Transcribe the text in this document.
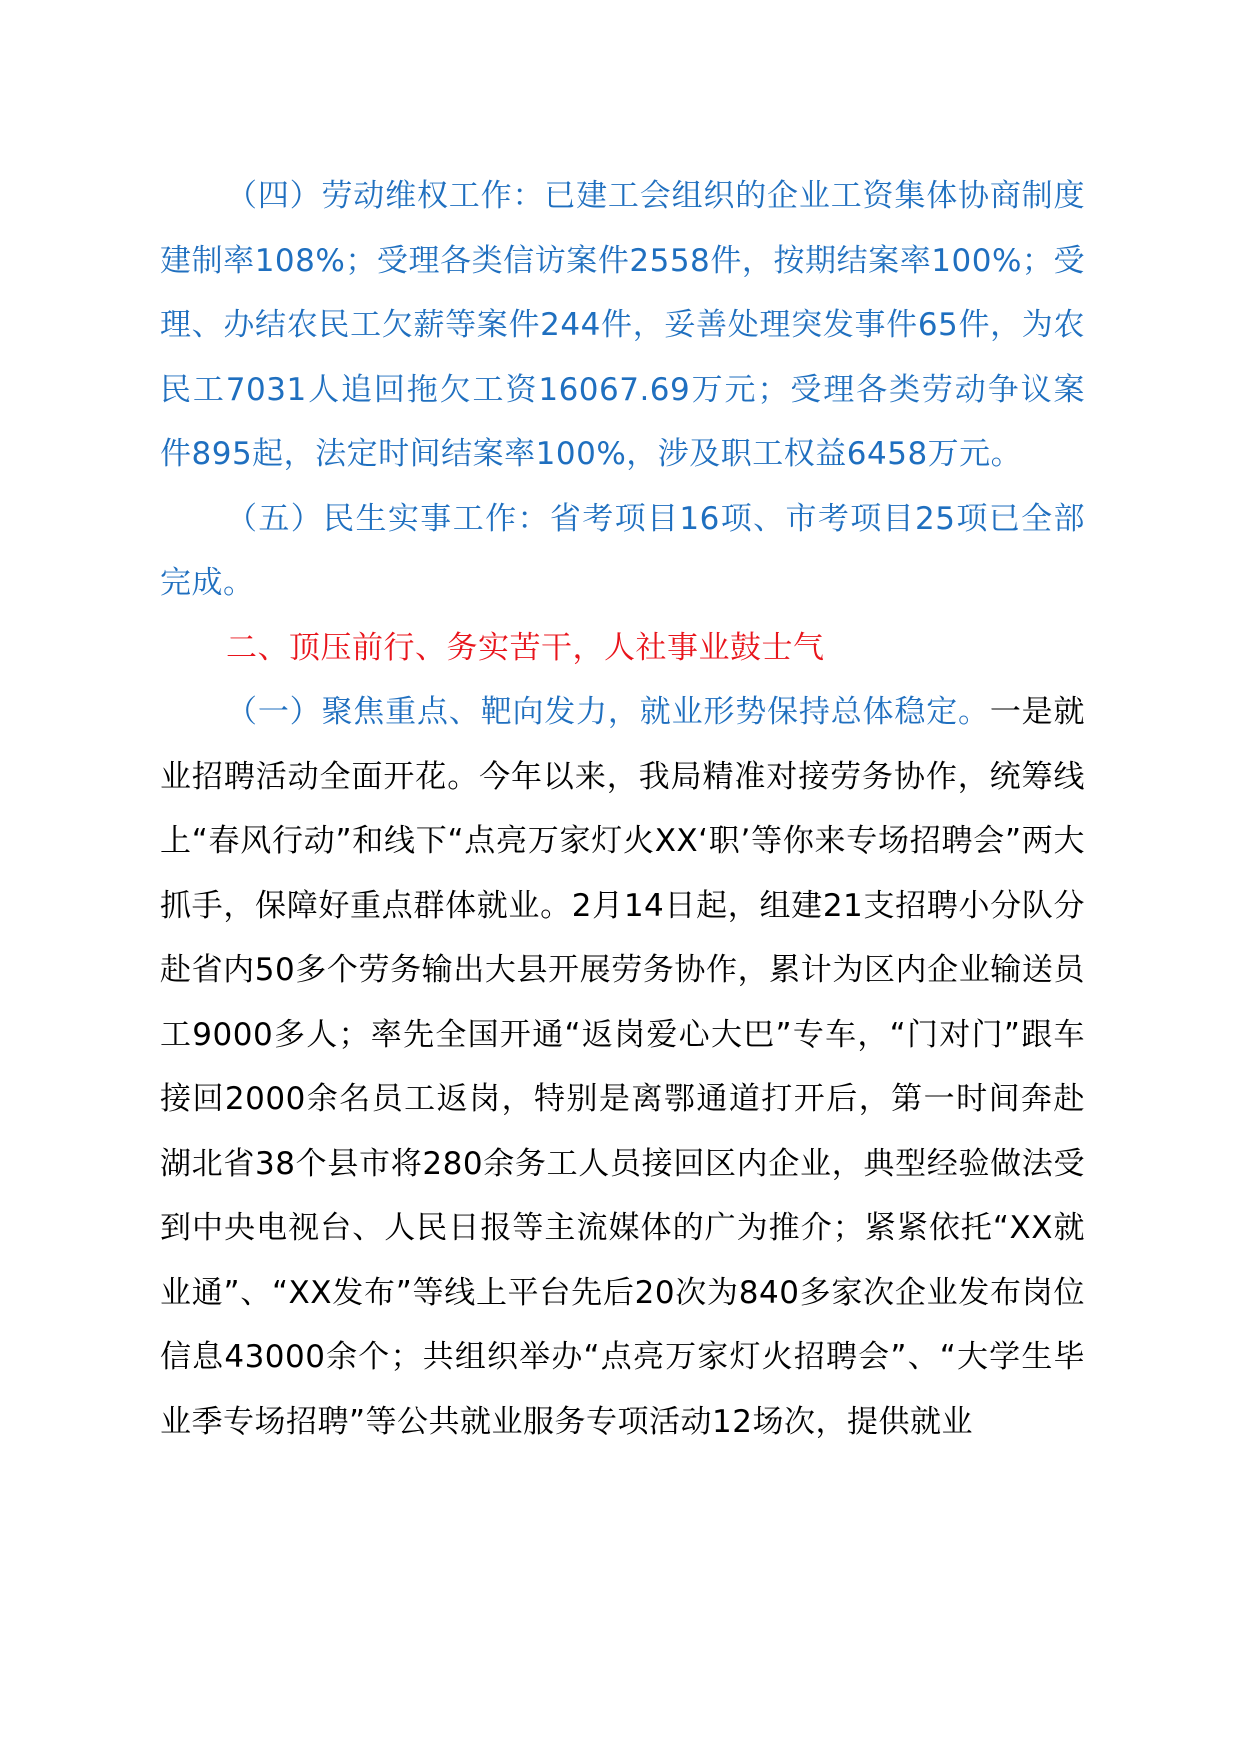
（四）劳动维权工作：已建工会组织的企业工资集体协商制度建制率108%；受理各类信访案件2558件，按期结案率100%；受理、办结农民工欠薪等案件244件，妥善处理突发事件65件，为农民工7031人追回拖欠工资16067.69万元；受理各类劳动争议案件895起，法定时间结案率100%，涉及职工权益6458万元。

（五）民生实事工作：省考项目16项、市考项目25项已全部完成。

二、顶压前行、务实苦干，人社事业鼓士气

（一）聚焦重点、靶向发力，就业形势保持总体稳定。一是就业招聘活动全面开花。今年以来，我局精准对接劳务协作，统筹线上“春风行动”和线下“点亮万家灯火XX‘职’等你来专场招聘会”两大抓手，保障好重点群体就业。2月14日起，组建21支招聘小分队分赴省内50多个劳务输出大县开展劳务协作，累计为区内企业输送员工9000多人；率先全国开通“返岗爱心大巴”专车，“门对门”跟车接回2000余名员工返岗，特别是离鄂通道打开后，第一时间奔赴湖北省38个县市将280余务工人员接回区内企业，典型经验做法受到中央电视台、人民日报等主流媒体的广为推介；紧紧依托“XX就业通”、“XX发布”等线上平台先后20次为840多家次企业发布岗位信息43000余个；共组织举办“点亮万家灯火招聘会”、“大学生毕业季专场招聘”等公共就业服务专项活动12场次，提供就业
